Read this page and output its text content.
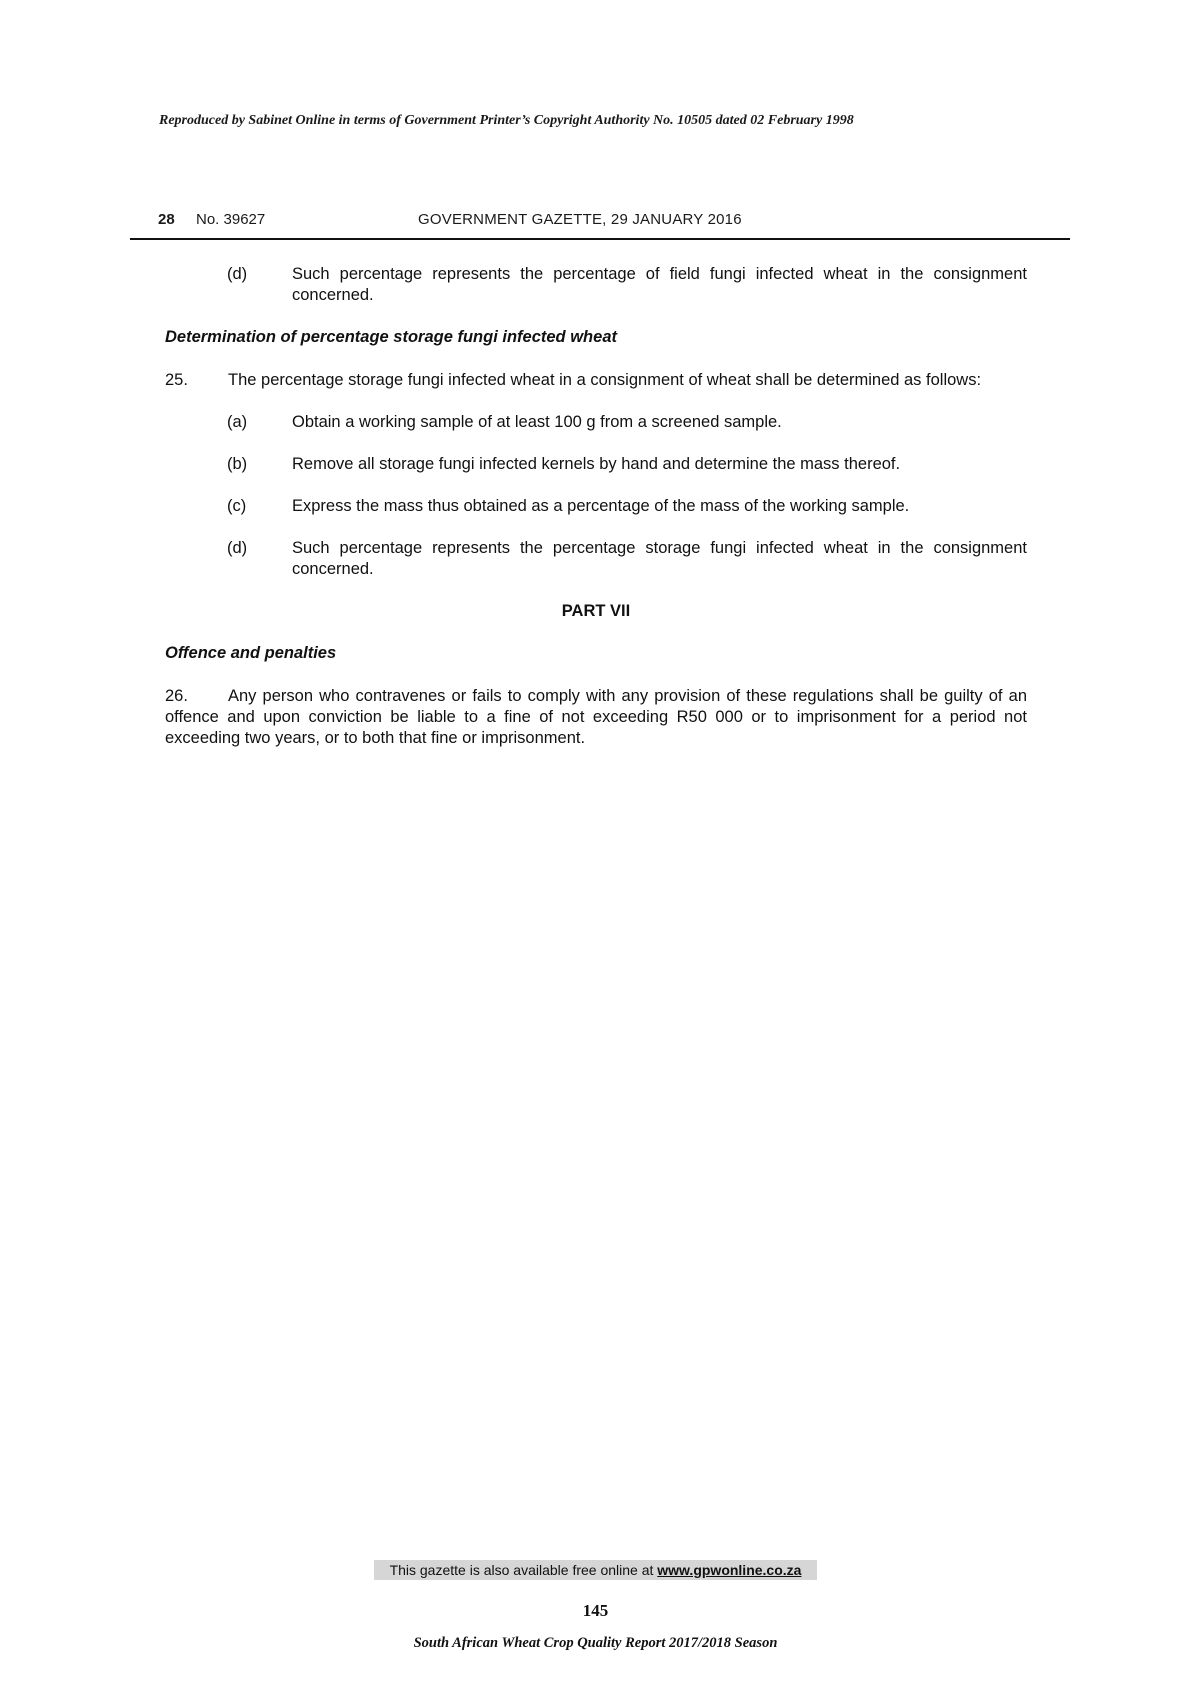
Reproduced by Sabinet Online in terms of Government Printer’s Copyright Authority No. 10505 dated 02 February 1998
28 No. 39627	GOVERNMENT GAZETTE, 29 JANUARY 2016
(d)	Such percentage represents the percentage of field fungi infected wheat in the consignment concerned.
Determination of percentage storage fungi infected wheat
25. The percentage storage fungi infected wheat in a consignment of wheat shall be determined as follows:
(a)	Obtain a working sample of at least 100 g from a screened sample.
(b)	Remove all storage fungi infected kernels by hand and determine the mass thereof.
(c)	Express the mass thus obtained as a percentage of the mass of the working sample.
(d)	Such percentage represents the percentage storage fungi infected wheat in the consignment concerned.
PART VII
Offence and penalties
26. Any person who contravenes or fails to comply with any provision of these regulations shall be guilty of an offence and upon conviction be liable to a fine of not exceeding R50 000 or to imprisonment for a period not exceeding two years, or to both that fine or imprisonment.
This gazette is also available free online at www.gpwonline.co.za
145
South African Wheat Crop Quality Report 2017/2018 Season
